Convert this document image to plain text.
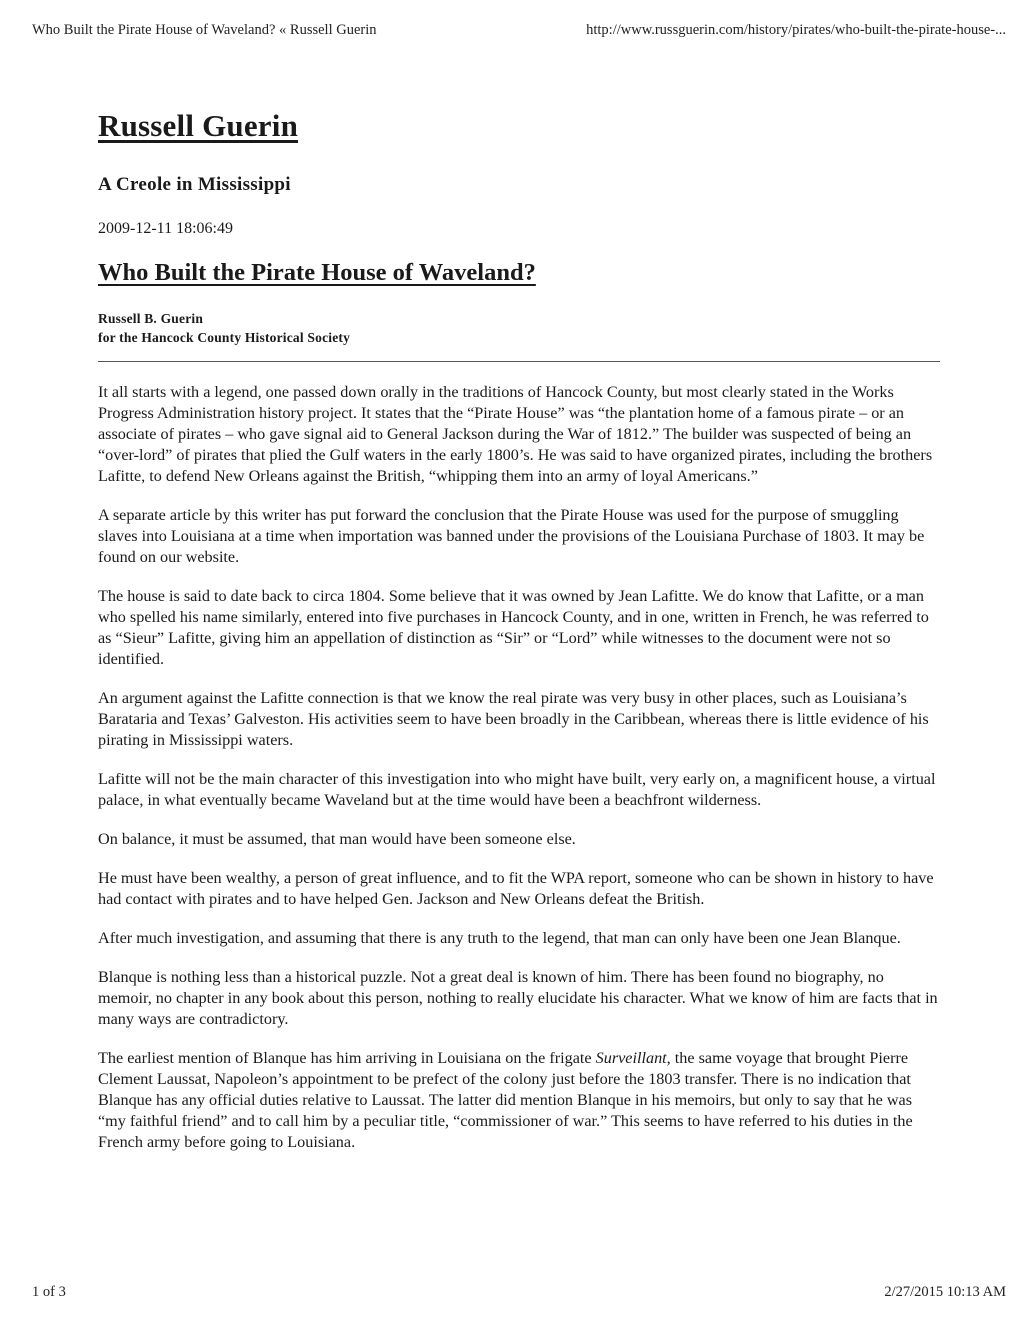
Who Built the Pirate House of Waveland? « Russell Guerin	http://www.russguerin.com/history/pirates/who-built-the-pirate-house-...
Russell Guerin
A Creole in Mississippi
2009-12-11 18:06:49
Who Built the Pirate House of Waveland?
Russell B. Guerin
for the Hancock County Historical Society

It all starts with a legend, one passed down orally in the traditions of Hancock County, but most clearly stated in the Works Progress Administration history project. It states that the “Pirate House” was “the plantation home of a famous pirate – or an associate of pirates – who gave signal aid to General Jackson during the War of 1812.” The builder was suspected of being an “over-lord” of pirates that plied the Gulf waters in the early 1800’s. He was said to have organized pirates, including the brothers Lafitte, to defend New Orleans against the British, “whipping them into an army of loyal Americans.”

A separate article by this writer has put forward the conclusion that the Pirate House was used for the purpose of smuggling slaves into Louisiana at a time when importation was banned under the provisions of the Louisiana Purchase of 1803. It may be found on our website.

The house is said to date back to circa 1804. Some believe that it was owned by Jean Lafitte. We do know that Lafitte, or a man who spelled his name similarly, entered into five purchases in Hancock County, and in one, written in French, he was referred to as “Sieur” Lafitte, giving him an appellation of distinction as “Sir” or “Lord” while witnesses to the document were not so identified.

An argument against the Lafitte connection is that we know the real pirate was very busy in other places, such as Louisiana’s Barataria and Texas’ Galveston. His activities seem to have been broadly in the Caribbean, whereas there is little evidence of his pirating in Mississippi waters.

Lafitte will not be the main character of this investigation into who might have built, very early on, a magnificent house, a virtual palace, in what eventually became Waveland but at the time would have been a beachfront wilderness.

On balance, it must be assumed, that man would have been someone else.

He must have been wealthy, a person of great influence, and to fit the WPA report, someone who can be shown in history to have had contact with pirates and to have helped Gen. Jackson and New Orleans defeat the British.

After much investigation, and assuming that there is any truth to the legend, that man can only have been one Jean Blanque.

Blanque is nothing less than a historical puzzle. Not a great deal is known of him. There has been found no biography, no memoir, no chapter in any book about this person, nothing to really elucidate his character. What we know of him are facts that in many ways are contradictory.

The earliest mention of Blanque has him arriving in Louisiana on the frigate Surveillant, the same voyage that brought Pierre Clement Laussat, Napoleon’s appointment to be prefect of the colony just before the 1803 transfer. There is no indication that Blanque has any official duties relative to Laussat. The latter did mention Blanque in his memoirs, but only to say that he was “my faithful friend” and to call him by a peculiar title, “commissioner of war.” This seems to have referred to his duties in the French army before going to Louisiana.

1 of 3	2/27/2015 10:13 AM
